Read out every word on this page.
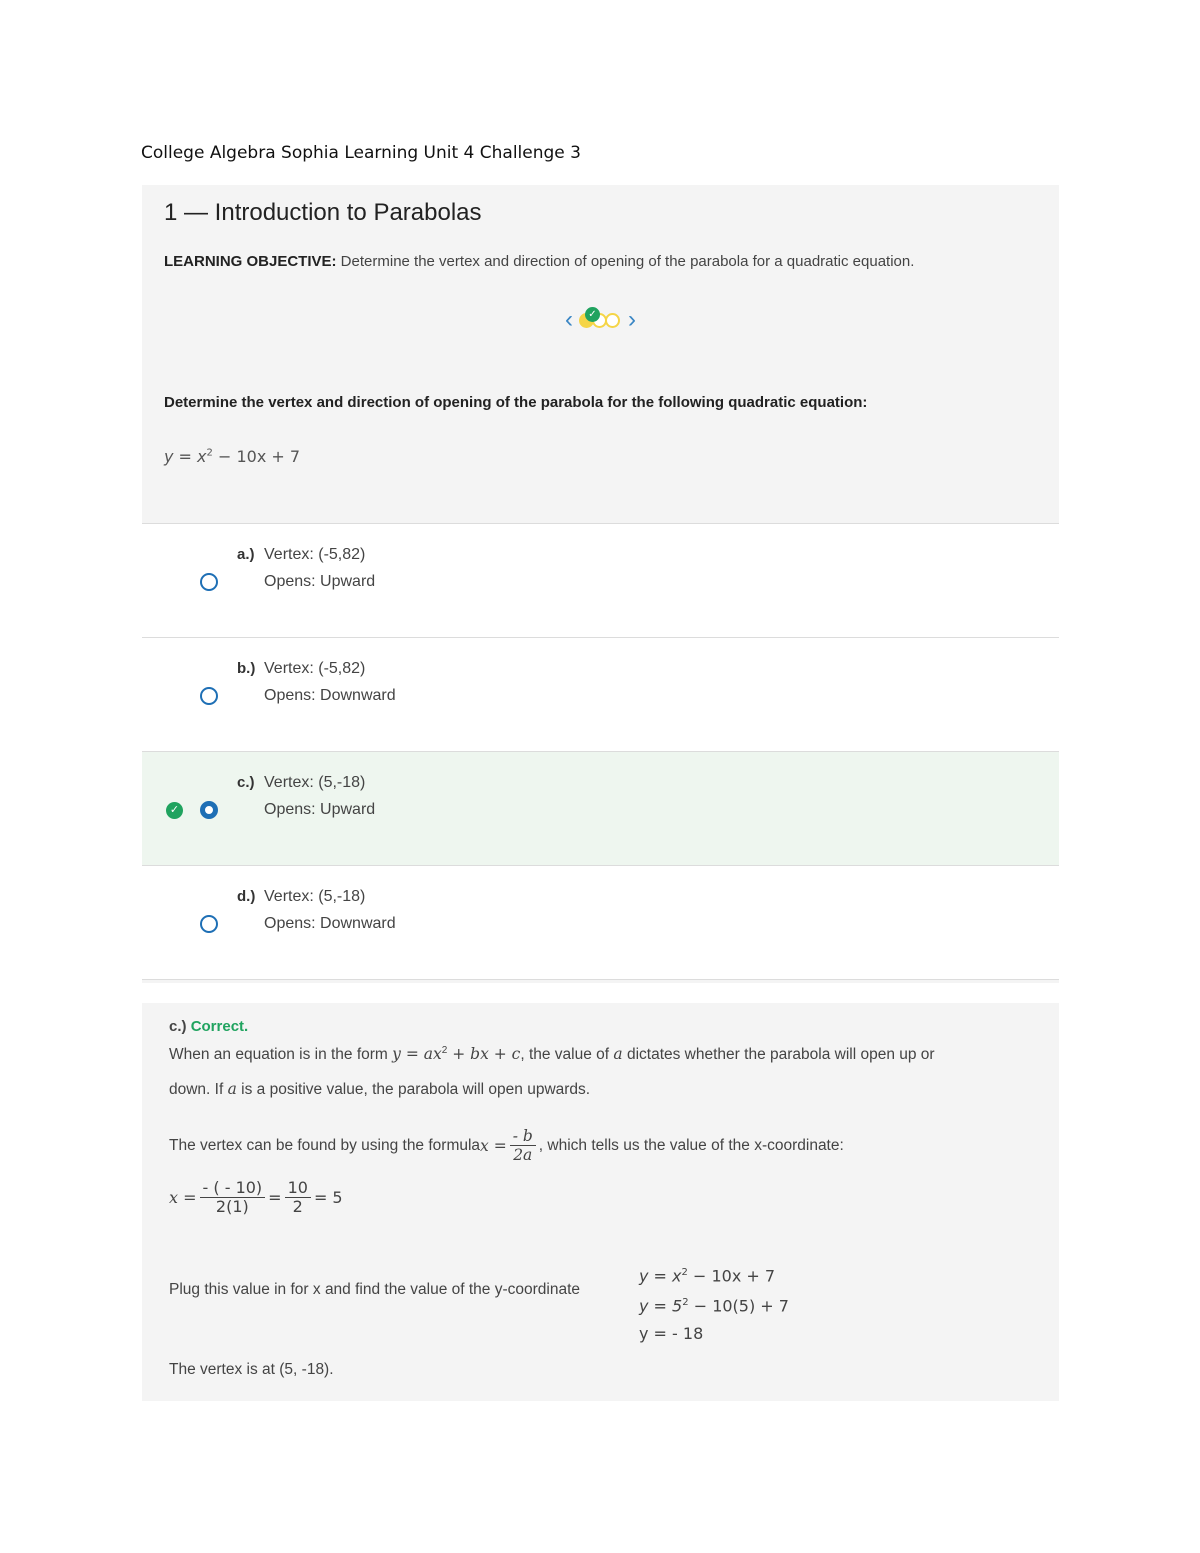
College Algebra Sophia Learning Unit 4 Challenge 3
1 — Introduction to Parabolas
LEARNING OBJECTIVE: Determine the vertex and direction of opening of the parabola for a quadratic equation.
‹	✓	›
Determine the vertex and direction of opening of the parabola for the following quadratic equation:
$y = x^2 - 10x + 7$
a.) Vertex: (-5,82)
Opens: Upward
b.) Vertex: (-5,82)
Opens: Downward
✓
c.) Vertex: (5,-18)
Opens: Upward
d.) Vertex: (5,-18)
Opens: Downward
c.) Correct.
When an equation is in the form $y = ax^2$ + bx + c, the value of a dictates whether the parabola will open up or
down. If a is a positive value, the parabola will open upwards.
The vertex can be found by using the formula $x = \frac{- b}{2a}$ , which tells us the value of the x-coordinate:
$x = \frac{- ( - 10)}{2(1)} = \frac{10}{2} = 5$
Plug this value in for x and find the value of the y-coordinate
$y = x^2 - 10x + 7$
$y = 5^2 - 10(5) + 7$
y = - 18
The vertex is at (5, -18).
